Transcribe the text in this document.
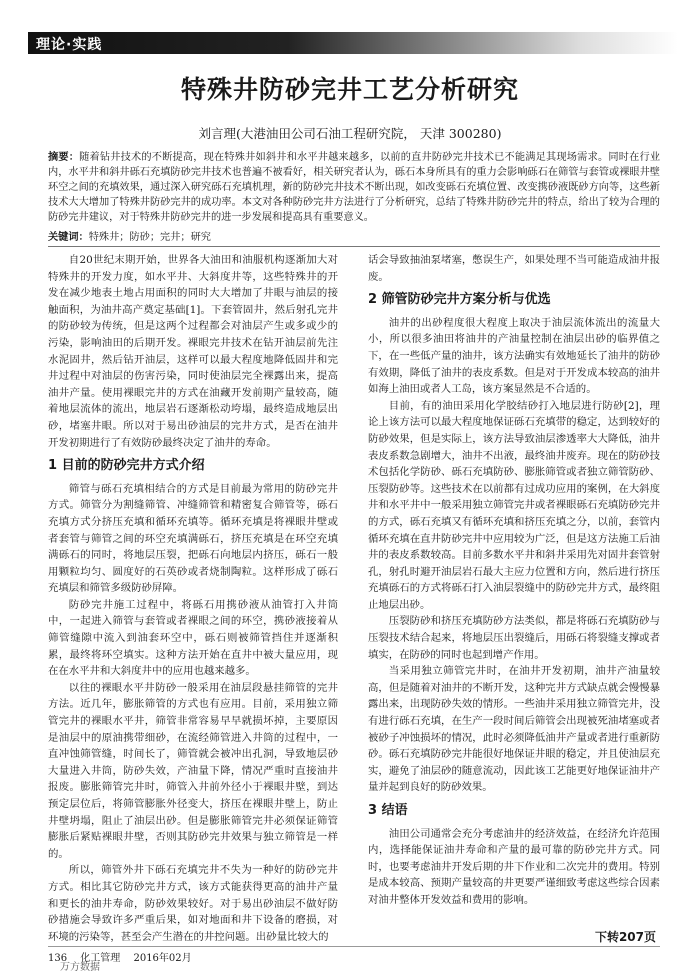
理论·实践
特殊井防砂完井工艺分析研究
刘言理(大港油田公司石油工程研究院， 天津 300280)
摘要：随着钻井技术的不断提高，现在特殊井如斜井和水平井越来越多，以前的直井防砂完井技术已不能满足其现场需求。同时在行业内，水平井和斜井砾石充填防砂完井技术也普遍不被看好，相关研究者认为，砾石本身所具有的重力会影响砾石在筛管与套管或裸眼井壁环空之间的充填效果，通过深入研究砾石充填机理，新的防砂完井技术不断出现，如改变砾石充填位置、改变携砂液既砂方向等，这些新技术大大增加了特殊井防砂完井的成功率。本文对各种防砂完井方法进行了分析研究，总结了特殊井防砂完井的特点，给出了较为合理的防砂完井建议，对于特殊井防砂完井的进一步发展和提高具有重要意义。
关键词：特殊井；防砂；完井；研究

自20世纪末期开始，世界各大油田和油服机构逐渐加大对特殊井的开发力度，如水平井、大斜度井等，这些特殊井的开发在减少地表土地占用面积的同时大大增加了井眼与油层的接触面积，为油井高产奠定基础[1]。下套管固井，然后射孔完井的防砂较为传统，但是这两个过程都会对油层产生或多或少的污染，影响油田的后期开发。裸眼完井技术在钻开油层前先注水泥固井，然后钻开油层，这样可以最大程度地降低固井和完井过程中对油层的伤害污染，同时使油层完全裸露出来，提高油井产量。使用裸眼完井的方式在油藏开发前期产量较高，随着地层流体的流出，地层岩石逐渐松动垮塌，最终造成地层出砂，堵塞井眼。所以对于易出砂油层的完井方式，是否在油井开发初期进行了有效防砂最终决定了油井的寿命。

1 目前的防砂完井方式介绍

筛管与砾石充填相结合的方式是目前最为常用的防砂完井方式。筛管分为割缝筛管、冲缝筛管和精密复合筛管等，砾石充填方式分挤压充填和循环充填等。循环充填是将裸眼井壁或者套管与筛管之间的环空充填满砾石，挤压充填是在环空充填满砾石的同时，将地层压裂，把砾石向地层内挤压，砾石一般用颗粒均匀、圆度好的石英砂或者烧制陶粒。这样形成了砾石充填层和筛管多级防砂屏障。

防砂完井施工过程中，将砾石用携砂液从油管打入井筒中，一起进入筛管与套管或者裸眼之间的环空，携砂液接着从筛管缝隙中流入到油套环空中，砾石则被筛管挡住并逐渐积累，最终将环空填实。这种方法开始在直井中被大量应用，现在在水平井和大斜度井中的应用也越来越多。

以往的裸眼水平井防砂一般采用在油层段悬挂筛管的完井方法。近几年，膨胀筛管的方式也有应用。目前，采用独立筛管完井的裸眼水平井，筛管非常容易早早就损坏掉，主要原因是油层中的原油携带细砂，在流经筛管进入井筒的过程中，一直冲蚀筛管缝，时间长了，筛管就会被冲出孔洞，导致地层砂大量进入井筒，防砂失效，产油量下降，情况严重时直接油井报废。膨胀筛管完井时，筛管入井前外径小于裸眼井壁，到达预定层位后，将筛管膨胀外径变大，挤压在裸眼井壁上，防止井壁坍塌，阻止了油层出砂。但是膨胀筛管完井必须保证筛管膨胀后紧贴裸眼井壁，否则其防砂完井效果与独立筛管是一样的。

所以，筛管外井下砾石充填完井不失为一种好的防砂完井方式。相比其它防砂完井方式，该方式能获得更高的油井产量和更长的油井寿命，防砂效果较好。对于易出砂油层不做好防砂措施会导致许多严重后果，如对地面和井下设备的磨损，对环境的污染等，甚至会产生潜在的井控问题。出砂量比较大的

话会导致抽油泵堵塞，憋误生产，如果处理不当可能造成油井报废。

2 筛管防砂完井方案分析与优选

油井的出砂程度很大程度上取决于油层流体流出的流量大小，所以很多油田将油井的产油量控制在油层出砂的临界值之下，在一些低产量的油井，该方法确实有效地延长了油井的防砂有效期，降低了油井的表皮系数。但是对于开发成本较高的油井如海上油田或者人工岛，该方案显然是不合适的。

目前，有的油田采用化学胶结砂打入地层进行防砂[2]，理论上该方法可以最大程度地保证砾石充填带的稳定，达到较好的防砂效果，但是实际上，该方法导致油层渗透率大大降低，油井表皮系数急剧增大，油井不出液，最终油井废弃。现在的防砂技术包括化学防砂、砾石充填防砂、膨胀筛管或者独立筛管防砂、压裂防砂等。这些技术在以前都有过成功应用的案例，在大斜度井和水平井中一般采用独立筛管完井或者裸眼砾石充填防砂完井的方式，砾石充填又有循环充填和挤压充填之分，以前，套管内循环充填在直井防砂完井中应用较为广泛，但是这方法施工后油井的表皮系数较高。目前多数水平井和斜井采用先对固井套管射孔，射孔时避开油层岩石最大主应力位置和方向，然后进行挤压充填砾石的方式将砾石打入油层裂缝中的防砂完井方式，最终阻止地层出砂。

压裂防砂和挤压充填防砂方法类似，都是将砾石充填防砂与压裂技术结合起来，将地层压出裂缝后，用砾石将裂缝支撑或者填实，在防砂的同时也起到增产作用。

当采用独立筛管完井时，在油井开发初期，油井产油量较高，但是随着对油井的不断开发，这种完井方式缺点就会慢慢暴露出来，出现防砂失效的情形。一些油井采用独立筛管完井，没有进行砾石充填，在生产一段时间后筛管会出现被死油堵塞或者被砂子冲蚀损坏的情况，此时必须降低油井产量或者进行重新防砂。砾石充填防砂完井能很好地保证井眼的稳定，并且使油层充实，避免了油层砂的随意流动，因此该工艺能更好地保证油井产量并起到良好的防砂效果。

3 结语

油田公司通常会充分考虑油井的经济效益，在经济允许范围内，选择能保证油井寿命和产量的最可靠的防砂完井方式。同时，也要考虑油井开发后期的井下作业和二次完井的费用。特别是成本较高、预期产量较高的井更要严谨细致考虑这些综合因素对油井整体开发效益和费用的影响。

下转207页
136 化工管理 2016年02月
万方数据
